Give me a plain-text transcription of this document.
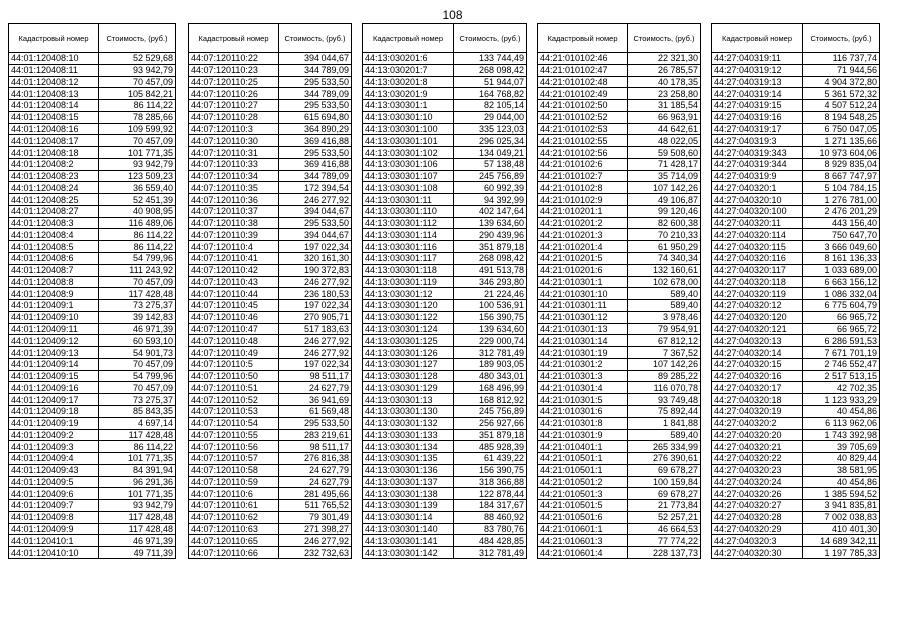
108
Кадастровый номер	Стоимость, (руб.)
44:01:120408:10	52 529,68
44:01:120408:11	93 942,79
44:01:120408:12	70 457,09
44:01:120408:13	105 842,21
44:01:120408:14	86 114,22
44:01:120408:15	78 285,66
44:01:120408:16	109 599,92
44:01:120408:17	70 457,09
44:01:120408:18	101 771,35
44:01:120408:2	93 942,79
44:01:120408:23	123 509,23
44:01:120408:24	36 559,40
44:01:120408:25	52 451,39
44:01:120408:27	40 908,95
44:01:120408:3	116 489,06
44:01:120408:4	86 114,22
44:01:120408:5	86 114,22
44:01:120408:6	54 799,96
44:01:120408:7	111 243,92
44:01:120408:8	70 457,09
44:01:120408:9	117 428,48
44:01:120409:1	73 275,37
44:01:120409:10	39 142,83
44:01:120409:11	46 971,39
44:01:120409:12	60 593,10
44:01:120409:13	54 901,73
44:01:120409:14	70 457,09
44:01:120409:15	54 799,96
44:01:120409:16	70 457,09
44:01:120409:17	73 275,37
44:01:120409:18	85 843,35
44:01:120409:19	4 697,14
44:01:120409:2	117 428,48
44:01:120409:3	86 114,22
44:01:120409:4	101 771,35
44:01:120409:43	84 391,94
44:01:120409:5	96 291,36
44:01:120409:6	101 771,35
44:01:120409:7	93 942,79
44:01:120409:8	117 428,48
44:01:120409:9	117 428,48
44:01:120410:1	46 971,39
44:01:120410:10	49 711,39
Кадастровый номер	Стоимость, (руб.)
44:07:120110:22	394 044,67
44:07:120110:23	344 789,09
44:07:120110:25	295 533,50
44:07:120110:26	344 789,09
44:07:120110:27	295 533,50
44:07:120110:28	615 694,80
44:07:120110:3	364 890,29
44:07:120110:30	369 416,88
44:07:120110:31	295 533,50
44:07:120110:33	369 416,88
44:07:120110:34	344 789,09
44:07:120110:35	172 394,54
44:07:120110:36	246 277,92
44:07:120110:37	394 044,67
44:07:120110:38	295 533,50
44:07:120110:39	394 044,67
44:07:120110:4	197 022,34
44:07:120110:41	320 161,30
44:07:120110:42	190 372,83
44:07:120110:43	246 277,92
44:07:120110:44	236 180,53
44:07:120110:45	197 022,34
44:07:120110:46	270 905,71
44:07:120110:47	517 183,63
44:07:120110:48	246 277,92
44:07:120110:49	246 277,92
44:07:120110:5	197 022,34
44:07:120110:50	98 511,17
44:07:120110:51	24 627,79
44:07:120110:52	36 941,69
44:07:120110:53	61 569,48
44:07:120110:54	295 533,50
44:07:120110:55	283 219,61
44:07:120110:56	98 511,17
44:07:120110:57	276 816,38
44:07:120110:58	24 627,79
44:07:120110:59	24 627,79
44:07:120110:6	281 495,66
44:07:120110:61	511 765,52
44:07:120110:62	79 301,49
44:07:120110:63	271 398,27
44:07:120110:65	246 277,92
44:07:120110:66	232 732,63
Кадастровый номер	Стоимость, (руб.)
44:13:030201:6	133 744,49
44:13:030201:7	268 098,42
44:13:030201:8	51 944,07
44:13:030201:9	164 768,82
44:13:030301:1	82 105,14
44:13:030301:10	29 044,00
44:13:030301:100	335 123,03
44:13:030301:101	296 025,34
44:13:030301:102	134 049,21
44:13:030301:106	57 138,48
44:13:030301:107	245 756,89
44:13:030301:108	60 992,39
44:13:030301:11	94 392,99
44:13:030301:110	402 147,64
44:13:030301:112	139 634,60
44:13:030301:114	290 439,96
44:13:030301:116	351 879,18
44:13:030301:117	268 098,42
44:13:030301:118	491 513,78
44:13:030301:119	346 293,80
44:13:030301:12	21 224,46
44:13:030301:120	100 536,91
44:13:030301:122	156 390,75
44:13:030301:124	139 634,60
44:13:030301:125	229 000,74
44:13:030301:126	312 781,49
44:13:030301:127	189 903,05
44:13:030301:128	480 343,01
44:13:030301:129	168 496,99
44:13:030301:13	168 812,92
44:13:030301:130	245 756,89
44:13:030301:132	256 927,66
44:13:030301:133	351 879,18
44:13:030301:134	485 928,39
44:13:030301:135	61 439,22
44:13:030301:136	156 390,75
44:13:030301:137	318 366,88
44:13:030301:138	122 878,44
44:13:030301:139	184 317,67
44:13:030301:14	88 460,92
44:13:030301:140	83 780,76
44:13:030301:141	484 428,85
44:13:030301:142	312 781,49
Кадастровый номер	Стоимость, (руб.)
44:21:010102:46	22 321,30
44:21:010102:47	26 785,57
44:21:010102:48	40 178,35
44:21:010102:49	23 258,80
44:21:010102:50	31 185,54
44:21:010102:52	66 963,91
44:21:010102:53	44 642,61
44:21:010102:55	48 022,05
44:21:010102:56	59 508,60
44:21:010102:6	71 428,17
44:21:010102:7	35 714,09
44:21:010102:8	107 142,26
44:21:010102:9	49 106,87
44:21:010201:1	99 120,46
44:21:010201:2	82 600,38
44:21:010201:3	70 210,33
44:21:010201:4	61 950,29
44:21:010201:5	74 340,34
44:21:010201:6	132 160,61
44:21:010301:1	102 678,00
44:21:010301:10	589,40
44:21:010301:11	589,40
44:21:010301:12	3 978,46
44:21:010301:13	79 954,91
44:21:010301:14	67 812,12
44:21:010301:19	7 367,52
44:21:010301:2	107 142,26
44:21:010301:3	89 285,22
44:21:010301:4	116 070,78
44:21:010301:5	93 749,48
44:21:010301:6	75 892,44
44:21:010301:8	1 841,88
44:21:010301:9	589,40
44:21:010401:1	265 334,99
44:21:010501:1	276 390,61
44:21:010501:1	69 678,27
44:21:010501:2	100 159,84
44:21:010501:3	69 678,27
44:21:010501:5	21 773,84
44:21:010501:6	52 257,21
44:21:010601:1	46 664,53
44:21:010601:3	77 774,22
44:21:010601:4	228 137,73
Кадастровый номер	Стоимость, (руб.)
44:27:040319:11	116 737,74
44:27:040319:12	71 944,56
44:27:040319:13	4 904 372,80
44:27:040319:14	5 361 572,32
44:27:040319:15	4 507 512,24
44:27:040319:16	8 194 548,25
44:27:040319:17	6 750 047,05
44:27:040319:3	1 271 135,66
44:27:040319:343	10 973 604,06
44:27:040319:344	8 929 835,04
44:27:040319:9	8 667 747,97
44:27:040320:1	5 104 784,15
44:27:040320:10	1 276 781,00
44:27:040320:100	2 476 201,29
44:27:040320:11	443 156,40
44:27:040320:114	750 647,70
44:27:040320:115	3 666 049,60
44:27:040320:116	8 161 136,33
44:27:040320:117	1 033 689,00
44:27:040320:118	6 663 156,12
44:27:040320:119	1 086 332,04
44:27:040320:12	6 775 604,79
44:27:040320:120	66 965,72
44:27:040320:121	66 965,72
44:27:040320:13	6 286 591,53
44:27:040320:14	7 671 701,19
44:27:040320:15	2 746 552,47
44:27:040320:16	2 517 513,15
44:27:040320:17	42 702,35
44:27:040320:18	1 123 933,29
44:27:040320:19	40 454,86
44:27:040320:2	6 113 962,06
44:27:040320:20	1 743 392,98
44:27:040320:21	39 705,69
44:27:040320:22	40 829,44
44:27:040320:23	38 581,95
44:27:040320:24	40 454,86
44:27:040320:26	1 385 594,52
44:27:040320:27	3 941 835,81
44:27:040320:28	7 002 038,83
44:27:040320:29	410 401,30
44:27:040320:3	14 689 342,11
44:27:040320:30	1 197 785,33
